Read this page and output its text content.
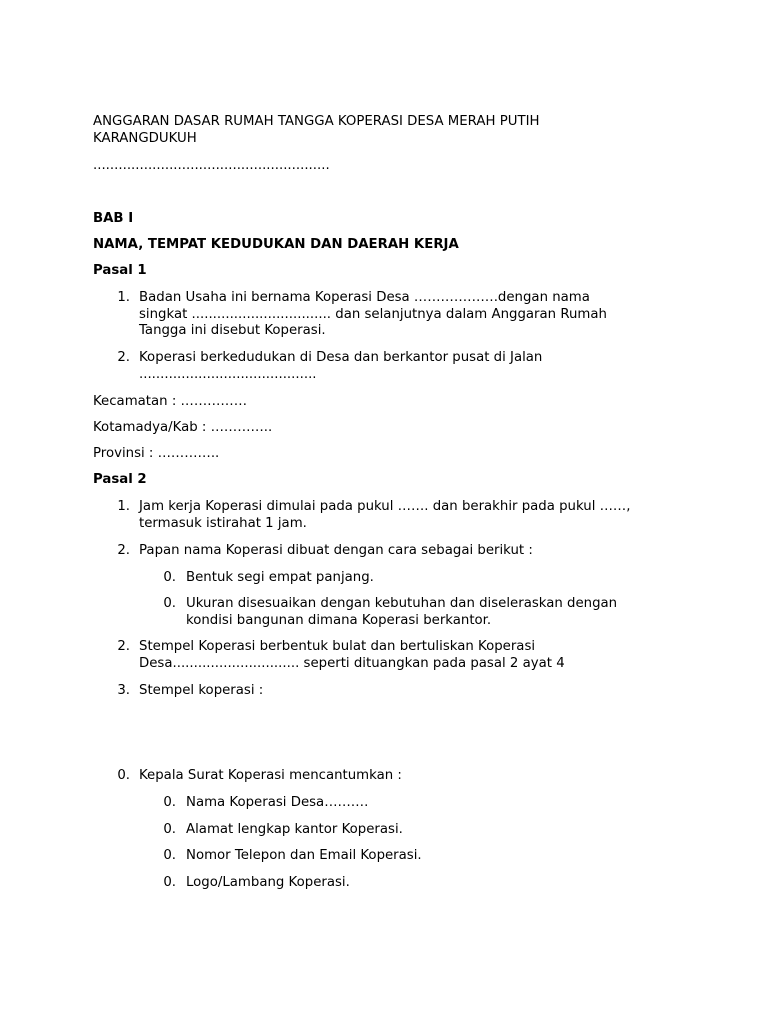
ANGGARAN DASAR RUMAH TANGGA KOPERASI DESA MERAH PUTIH
KARANGDUKUH
........................................................
BAB I
NAMA, TEMPAT KEDUDUKAN DAN DAERAH KERJA
Pasal 1
1. Badan Usaha ini bernama Koperasi Desa ……………….dengan nama
singkat ................................. dan selanjutnya dalam Anggaran Rumah
Tangga ini disebut Koperasi.
2. Koperasi berkedudukan di Desa dan berkantor pusat di Jalan
..........................................
Kecamatan : ……………
Kotamadya/Kab : …………..
Provinsi : …………..
Pasal 2
1. Jam kerja Koperasi dimulai pada pukul ……. dan berakhir pada pukul ……,
termasuk istirahat 1 jam.
2. Papan nama Koperasi dibuat dengan cara sebagai berikut :
0. Bentuk segi empat panjang.
0. Ukuran disesuaikan dengan kebutuhan dan diseleraskan dengan
kondisi bangunan dimana Koperasi berkantor.
2. Stempel Koperasi berbentuk bulat dan bertuliskan Koperasi
Desa.............................. seperti dituangkan pada pasal 2 ayat 4
3. Stempel koperasi :
0. Kepala Surat Koperasi mencantumkan :
0. Nama Koperasi Desa……….
0. Alamat lengkap kantor Koperasi.
0. Nomor Telepon dan Email Koperasi.
0. Logo/Lambang Koperasi.
